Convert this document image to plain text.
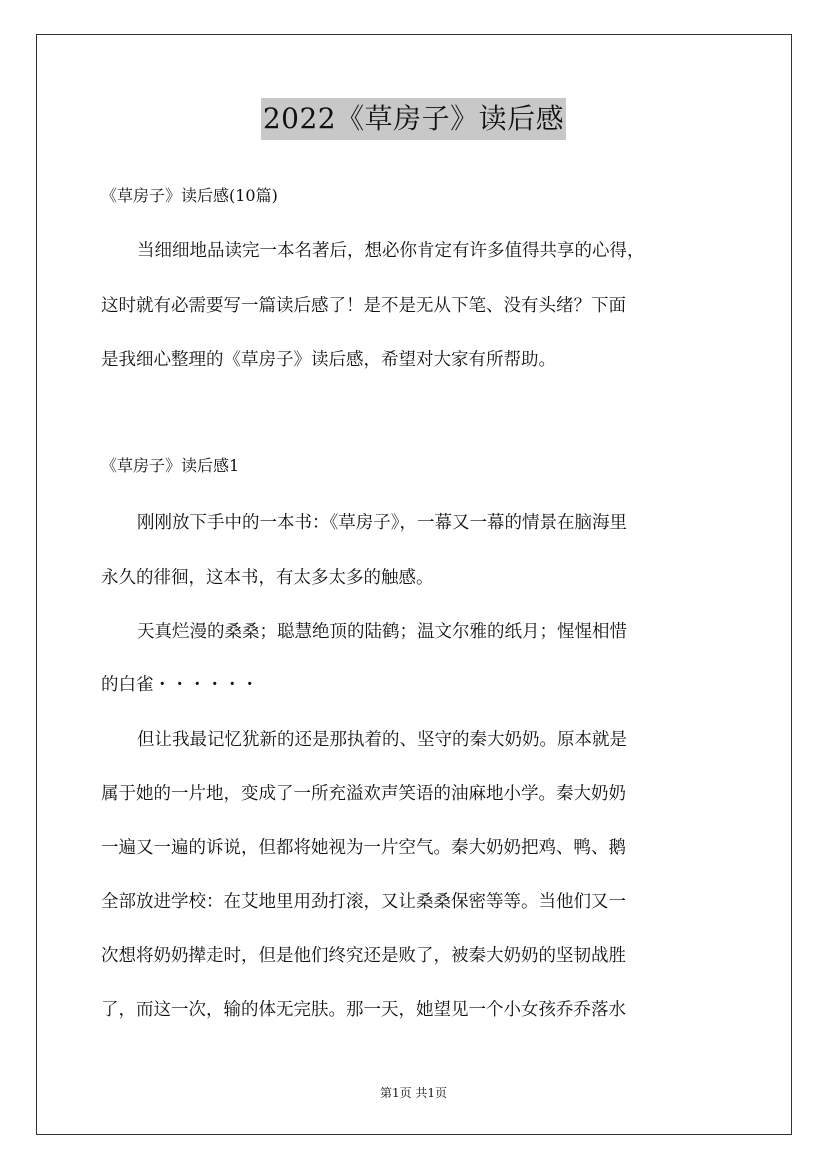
2022《草房子》读后感

《草房子》读后感(10篇)

当细细地品读完一本名著后，想必你肯定有许多值得共享的心得，

这时就有必需要写一篇读后感了！是不是无从下笔、没有头绪？下面

是我细心整理的《草房子》读后感，希望对大家有所帮助。

《草房子》读后感1

刚刚放下手中的一本书：《草房子》，一幕又一幕的情景在脑海里

永久的徘徊，这本书，有太多太多的触感。

天真烂漫的桑桑；聪慧绝顶的陆鹤；温文尔雅的纸月；惺惺相惜

的白雀・・・・・・

但让我最记忆犹新的还是那执着的、坚守的秦大奶奶。原本就是

属于她的一片地，变成了一所充溢欢声笑语的油麻地小学。秦大奶奶

一遍又一遍的诉说，但都将她视为一片空气。秦大奶奶把鸡、鸭、鹅

全部放进学校：在艾地里用劲打滚，又让桑桑保密等等。当他们又一

次想将奶奶撵走时，但是他们终究还是败了，被秦大奶奶的坚韧战胜

了，而这一次，输的体无完肤。那一天，她望见一个小女孩乔乔落水

第1页 共1页
